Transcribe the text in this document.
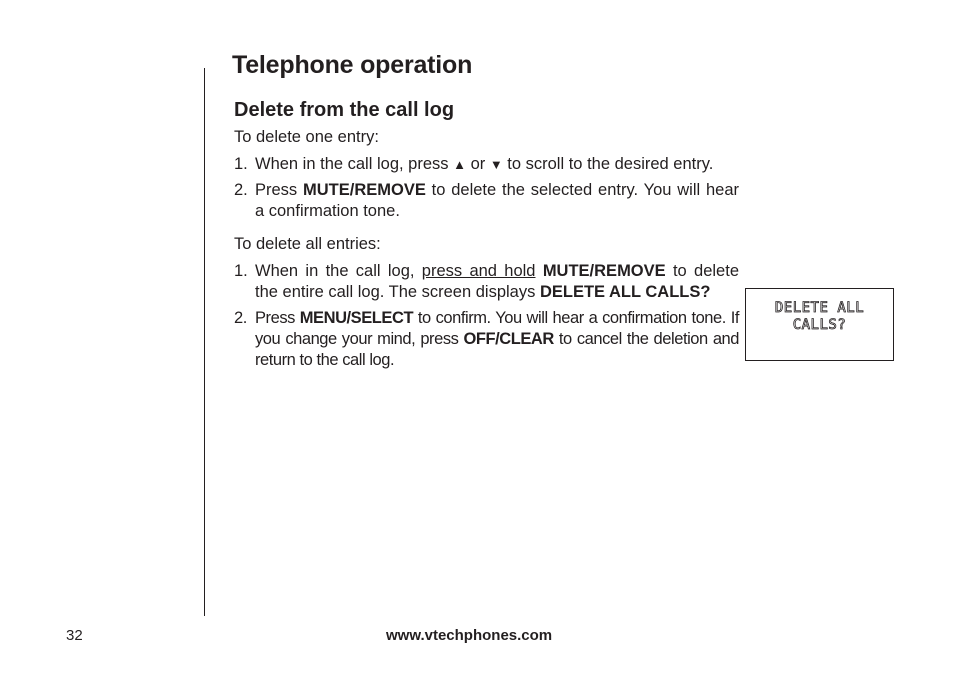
Telephone operation
Delete from the call log

To delete one entry:

1. When in the call log, press ▲ or ▼ to scroll to the desired entry.
2. Press MUTE/REMOVE to delete the selected entry. You will hear a confirmation tone.

To delete all entries:

1. When in the call log, press and hold MUTE/REMOVE to delete the entire call log. The screen displays DELETE ALL CALLS?
2. Press MENU/SELECT to confirm. You will hear a confirmation tone. If you change your mind, press OFF/CLEAR to cancel the deletion and return to the call log.
DELETE ALL
CALLS?
32	www.vtechphones.com
